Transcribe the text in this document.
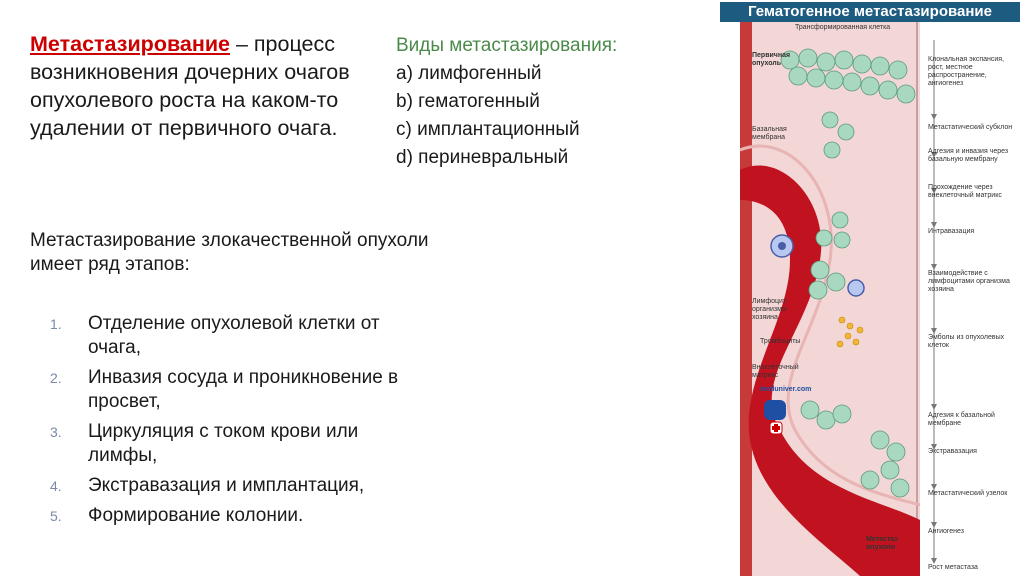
Метастазирование – процесс возникновения дочерних очагов опухолевого роста на каком-то удалении от первичного очага.
Виды метастазирования:
a) лимфогенный
b) гематогенный
c) имплантационный
d) периневральный
Метастазирование злокачественной опухоли имеет ряд этапов:
1.	Отделение опухолевой клетки от очага,
2.	Инвазия сосуда и проникновение в просвет,
3.	Циркуляция с током крови или лимфы,
4.	Экстравазация и имплантация,
5.	Формирование колонии.
Гематогенное метастазирование
Трансформированная клетка
Первичная опухоль
Базальная мембрана
Лимфоцит организма-хозяина
Тромбоциты
Внеклеточный матрикс
meduniver.com
Метастаз опухоли
Клональная экспансия, рост, местное распространение, ангиогенез
Метастатический субклон
Адгезия и инвазия через базальную мембрану
Прохождение через внеклеточный матрикс
Интравазация
Взаимодействие с лимфоцитами организма хозяина
Эмболы из опухолевых клеток
Адгезия к базальной мембране
Экстравазация
Метастатический узелок
Ангиогенез
Рост метастаза
